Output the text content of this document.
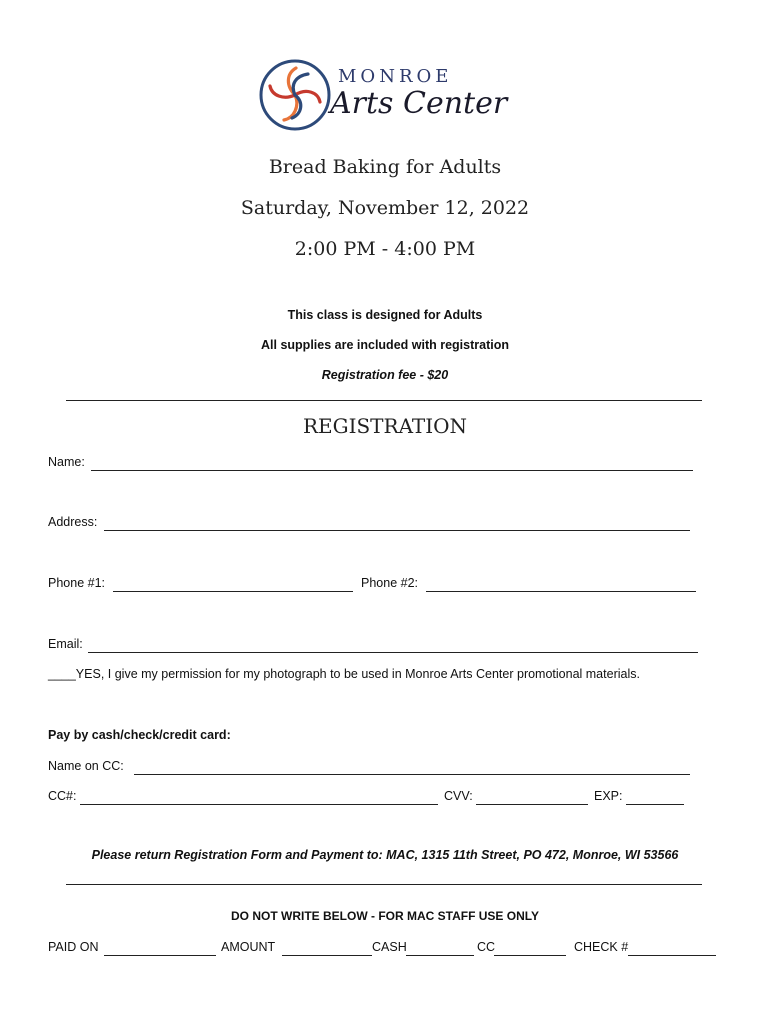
MONROE
Arts Center
Bread Baking for Adults
Saturday, November 12, 2022
2:00 PM - 4:00 PM
This class is designed for Adults
All supplies are included with registration
Registration fee - $20
REGISTRATION
Name:
Address:
Phone #1:	Phone #2:
Email:
____YES, I give my permission for my photograph to be used in Monroe Arts Center promotional materials.
Pay by cash/check/credit card:
Name on CC:
CC#:	CVV:	EXP:
Please return Registration Form and Payment to: MAC, 1315 11th Street, PO 472, Monroe, WI 53566
DO NOT WRITE BELOW - FOR MAC STAFF USE ONLY
PAID ON	AMOUNT	CASH	CC	CHECK #
